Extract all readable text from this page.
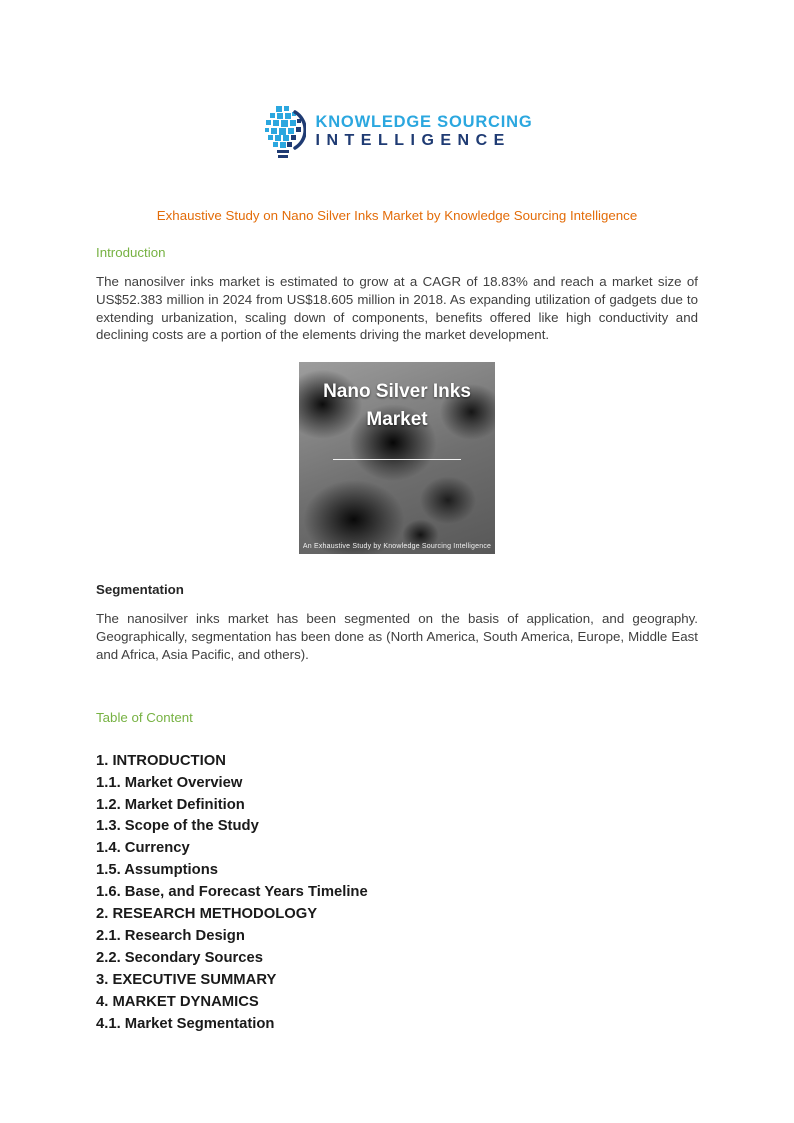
KNOWLEDGE SOURCING
INTELLIGENCE
Exhaustive Study on Nano Silver Inks Market by Knowledge Sourcing Intelligence
Introduction

The nanosilver inks market is estimated to grow at a CAGR of 18.83% and reach a market size of US$52.383 million in 2024 from US$18.605 million in 2018. As expanding utilization of gadgets due to extending urbanization, scaling down of components, benefits offered like high conductivity and declining costs are a portion of the elements driving the market development.

Nano Silver Inks
Market
An Exhaustive Study by Knowledge Sourcing Intelligence
Segmentation

The nanosilver inks market has been segmented on the basis of application, and geography. Geographically, segmentation has been done as (North America, South America, Europe, Middle East and Africa, Asia Pacific, and others).

Table of Content
1. INTRODUCTION
1.1. Market Overview
1.2. Market Definition
1.3. Scope of the Study
1.4. Currency
1.5. Assumptions
1.6. Base, and Forecast Years Timeline
2. RESEARCH METHODOLOGY
2.1. Research Design
2.2. Secondary Sources
3. EXECUTIVE SUMMARY
4. MARKET DYNAMICS
4.1. Market Segmentation
